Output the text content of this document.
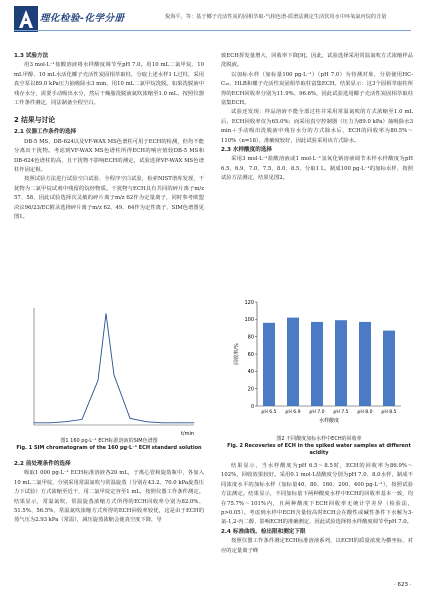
理化检验-化学分册	倪海平，等：基于椰子壳活性炭的固相萃取-气相色谱-质谱法测定生活饮用水中环氧氯丙烷的含量
1.3 试验方法

用3 mol·L⁻¹盐酸溶液将水样酸度调节至pH 7.0。用10 mL二氯甲烷、10 mL甲醇、10 mL水活化椰子壳活性炭固相萃取柱，分取上述水样1 L过柱，采用真空泵以89.0 kPa压力抽吸除水3 min，用10 mL二氯甲烷洗脱。如果洗脱液中残存水分，需要手动吸出水分，然后干燥脂洗脱液氮吹浓缩至1.0 mL，按照仪器工作条件测定，同法制备全程空白。

2 结果与讨论
2.1 仪器工作条件的选择

DB-5 MS、DB-624以及VF-WAX MS色谱柱可用于ECH的检测，但均不能分离出干扰物。考虑到VF-WAX MS色谱柱所得ECH的响应值较DB-5 MS和DB-624色谱柱的高，且干扰物不影响ECH的测定，试验选择VF-WAX MS色谱柱作固定相。

按照试验方法进行试验空白试验、全程序空白试验，检索NIST谱库发现，干扰物为二氯甲烷试剂中残留的烷烃物质。干扰物与ECH具有共同的碎片离子m/z 57、58，因此试验选择次灵敏的碎片离子m/z 62作为定量离子，同时参考欧盟决议96/23/EC附录选择碎片离子m/z 62、49、64作为定性离子，SIM色谱图见图1。

t/min
图1 160 pg·L⁻¹ ECH标准溶液的SIM色谱图
Fig. 1 SIM chromatogram of the 160 pg·L⁻¹ ECH standard solution
2.2 前处理条件的选择

吸取1 000 pg·L⁻¹ ECH标准溶液各20 mL，于离心管和旋蒸瓶中，各加入10 mL二氯甲烷，分别采用常温氮吹与常温旋蒸（分别在43.2、70.0 kPa旋蒸压力下试验）方式浓缩至近干，用二氯甲烷定容至1 mL，按照仪器工作条件测定。结果显示，常温氮吹、常温旋蒸浓缩方式所得的ECH回收率分别为82.0%、51.5%、56.5%，常温氮吹浓缩方式所得的ECH回收率较优，这是由于ECH的蒸气压为2.93 kPa（常温），减压旋蒸浓缩会使真空度下降，导

致ECH挥发量增大，回收率下降[9]。因此，试验选择采用常温氮吹方式浓缩样品洗脱液。

以加标水样（加标量100 pg·L⁻¹）（pH 7.0）为待测对象，分别使用HC-C₁₈、HLB和椰子壳活性炭固相萃取柱富集ECH。结果显示：这3个固相萃取柱所得的ECH回收率分别为11.9%、96.6%，因此试验选用椰子壳活性炭固相萃取柱富集ECH。

试验还发现：样品溶液不能全部过柱并采用常温氮吹的方式浓缩至1.0 mL后，ECH回收率仅为65.0%；而采用真空控制器（压力为89.0 kPa）抽吸除水3 min＋手动吸出洗脱液中残存水分的方式除水后，ECH的回收率为80.5%～110%（n=18），准确度较好，因此试验采用该方式除水。

2.3 水样酸度的选择

采用3 mol·L⁻¹盐酸溶液或1 mol·L⁻¹氢氧化钠溶液调节未样水样酸度为pH 6.5、6.9、7.0、7.5、8.0、8.5，分取1 L，制成100 pg·L⁻¹的加标水样，按照试验方法测定，结果见图2。

0
20
40
60
80
100
120
回收率/%
pH 6.5 pH 6.9 pH 7.0 pH 7.5 pH 8.0 pH 8.5
水样酸度
图2 不同酸度加标水样中ECH的回收率
Fig. 2 Recoveries of ECH in the spiked water samples at different acidity

结果显示，当水样酸度为pH 6.5～8.5时，ECH的回收率为86.9%～102%，回收效果较好。采用0.1 mol·L盐酸度分别为pH 7.0、8.0水样，制成不同浓度水平的加标水样（加标量40、80、160、200、400 pg·L⁻¹），按照试验方法测定。结果显示，不同加标量下两种酸度水样中ECH的回收率基本一致，均在75.7%～101%内，且两种酸度下ECH回收率无统计学差异（检验法，p>0.05）。考虑到水样中ECH含量较高时ECH会在酸性或碱性条件下水解为3-氯-1,2-丙二醇，影响ECH的准确测定，因此试验选择将水样酸度调节至pH 7.0。

2.4 标准曲线、检出限和测定下限

按照仪器工作条件测定ECH标准溶液系列，以ECH的质量浓度为横坐标，对应的定量离子峰

· 623 ·
